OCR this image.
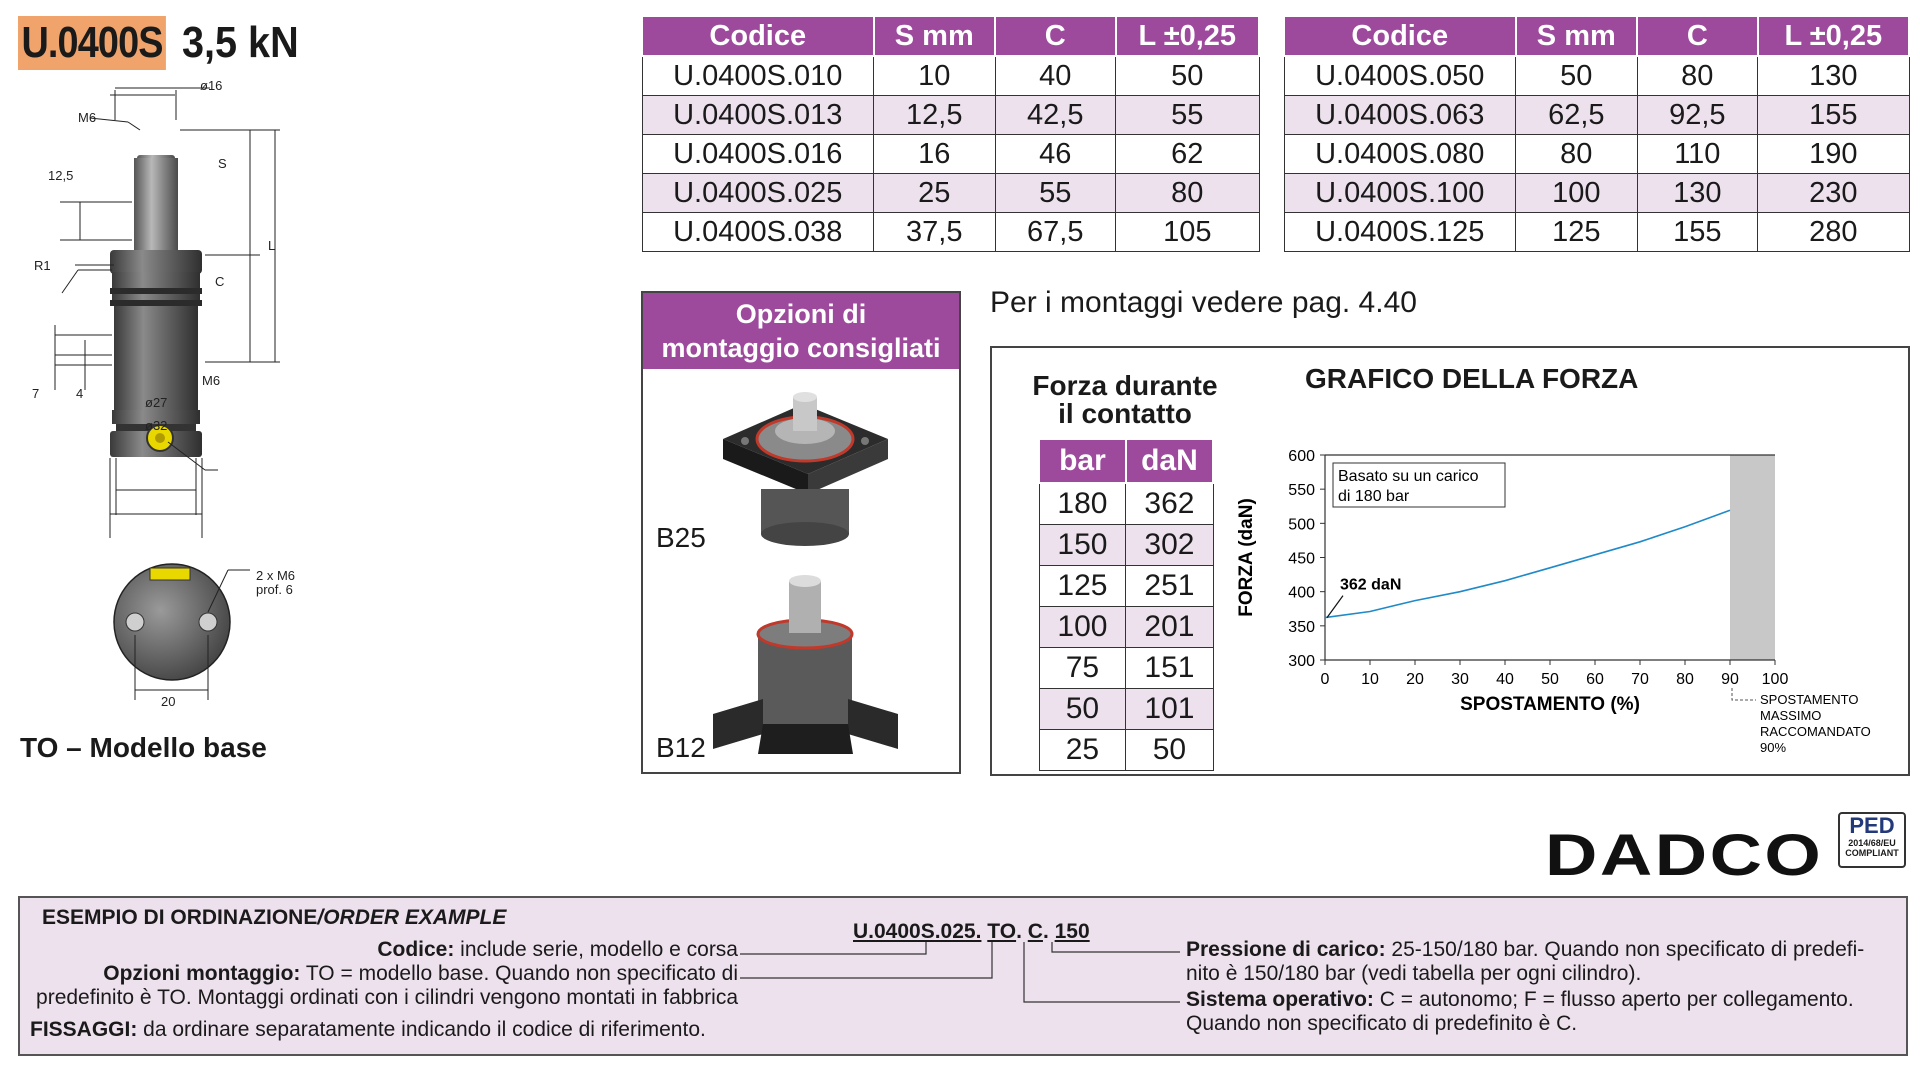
U.0400S 3,5 kN
ø16
M6
S
12,5
L
R1
C
M6
7	4
ø27
ø32
2 x M6
prof. 6
20
TO – Modello base
Codice	S mm	C	L ±0,25
U.0400S.010	10	40	50
U.0400S.013	12,5	42,5	55
U.0400S.016	16	46	62
U.0400S.025	25	55	80
U.0400S.038	37,5	67,5	105
Codice	S mm	C	L ±0,25
U.0400S.050	50	80	130
U.0400S.063	62,5	92,5	155
U.0400S.080	80	110	190
U.0400S.100	100	130	230
U.0400S.125	125	155	280
Opzioni di
montaggio consigliati
B25
B12
Per i montaggi vedere pag. 4.40
Forza durante
il contatto
bar	daN
180	362
150	302
125	251
100	201
75	151
50	101
25	50
GRAFICO DELLA FORZA
300
350
400
450
500
550
600
0 10 20 30 40 50 60 70 80 90 100
Basato su un carico
di 180 bar
362 daN
SPOSTAMENTO (%)
FORZA (daN)
SPOSTAMENTO
MASSIMO
RACCOMANDATO
90%
DADCO	PED
2014/68/EU
COMPLIANT
ESEMPIO DI ORDINAZIONE/ORDER EXAMPLE
U.0400S.025. TO. C. 150
Codice: include serie, modello e corsa
Opzioni montaggio: TO = modello base. Quando non specificato di
predefinito è TO. Montaggi ordinati con i cilindri vengono montati in fabbrica
FISSAGGI: da ordinare separatamente indicando il codice di riferimento.
Pressione di carico: 25-150/180 bar. Quando non specificato di predefi-
nito è 150/180 bar (vedi tabella per ogni cilindro).
Sistema operativo: C = autonomo; F = flusso aperto per collegamento.
Quando non specificato di predefinito è C.
